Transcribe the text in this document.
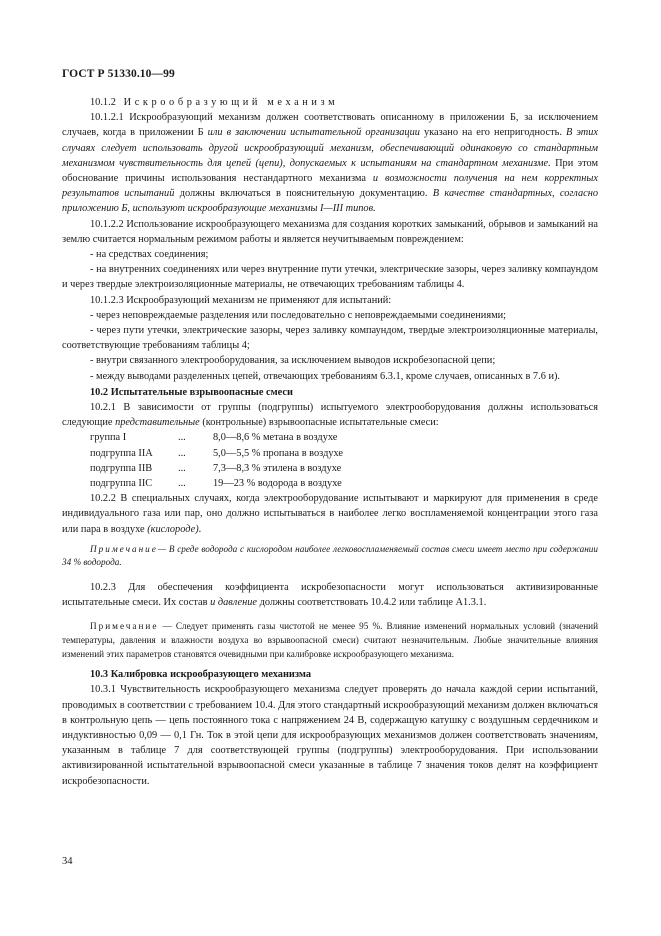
ГОСТ Р 51330.10—99

10.1.2 Искрообразующий механизм

10.1.2.1 Искрообразующий механизм должен соответствовать описанному в приложении Б, за исключением случаев, когда в приложении Б или в заключении испытательной организации указано на его непригодность. В этих случаях следует использовать другой искрообразующий механизм, обеспечивающий одинаковую со стандартным механизмом чувствительность для цепей (цепи), допускаемых к испытаниям на стандартном механизме. При этом обоснование причины использования нестандартного механизма и возможности получения на нем корректных результатов испытаний должны включаться в пояснительную документацию. В качестве стандартных, согласно приложению Б, используют искрообразующие механизмы I—III типов.

10.1.2.2 Использование искрообразующего механизма для создания коротких замыканий, обрывов и замыканий на землю считается нормальным режимом работы и является неучитываемым повреждением:

- на средствах соединения;

- на внутренних соединениях или через внутренние пути утечки, электрические зазоры, через заливку компаундом и через твердые электроизоляционные материалы, не отвечающих требованиям таблицы 4.

10.1.2.3 Искрообразующий механизм не применяют для испытаний:

- через неповреждаемые разделения или последовательно с неповреждаемыми соединениями;

- через пути утечки, электрические зазоры, через заливку компаундом, твердые электроизоляционные материалы, соответствующие требованиям таблицы 4;

- внутри связанного электрооборудования, за исключением выводов искробезопасной цепи;

- между выводами разделенных цепей, отвечающих требованиям 6.3.1, кроме случаев, описанных в 7.6 и).

10.2 Испытательные взрывоопасные смеси

10.2.1 В зависимости от группы (подгруппы) испытуемого электрооборудования должны использоваться следующие представительные (контрольные) взрывоопасные испытательные смеси:

группа I	...	8,0—8,6 % метана в воздухе
подгруппа IIA	...	5,0—5,5 % пропана в воздухе
подгруппа IIB	...	7,3—8,3 % этилена в воздухе
подгруппа IIC	...	19—23 % водорода в воздухе

10.2.2 В специальных случаях, когда электрооборудование испытывают и маркируют для применения в среде индивидуального газа или пар, оно должно испытываться в наиболее легко воспламеняемой концентрации этого газа или пара в воздухе (кислороде).

Примечание— В среде водорода с кислородом наиболее легковоспламеняемый состав смеси имеет место при содержании 34 % водорода.

10.2.3 Для обеспечения коэффициента искробезопасности могут использоваться активизированные испытательные смеси. Их состав и давление должны соответствовать 10.4.2 или таблице А1.3.1.

Примечание — Следует применять газы чистотой не менее 95 %. Влияние изменений нормальных условий (значений температуры, давления и влажности воздуха во взрывоопасной смеси) считают незначительным. Любые значительные влияния изменений этих параметров становятся очевидными при калибровке искрообразующего механизма.

10.3 Калибровка искрообразующего механизма

10.3.1 Чувствительность искрообразующего механизма следует проверять до начала каждой серии испытаний, проводимых в соответствии с требованием 10.4. Для этого стандартный искрообразующий механизм должен включаться в контрольную цепь — цепь постоянного тока с напряжением 24 В, содержащую катушку с воздушным сердечником и индуктивностью 0,09 — 0,1 Гн. Ток в этой цепи для искрообразующих механизмов должен соответствовать значениям, указанным в таблице 7 для соответствующей группы (подгруппы) электрооборудования. При использовании активизированной испытательной взрывоопасной смеси указанные в таблице 7 значения токов делят на коэффициент искробезопасности.

34
